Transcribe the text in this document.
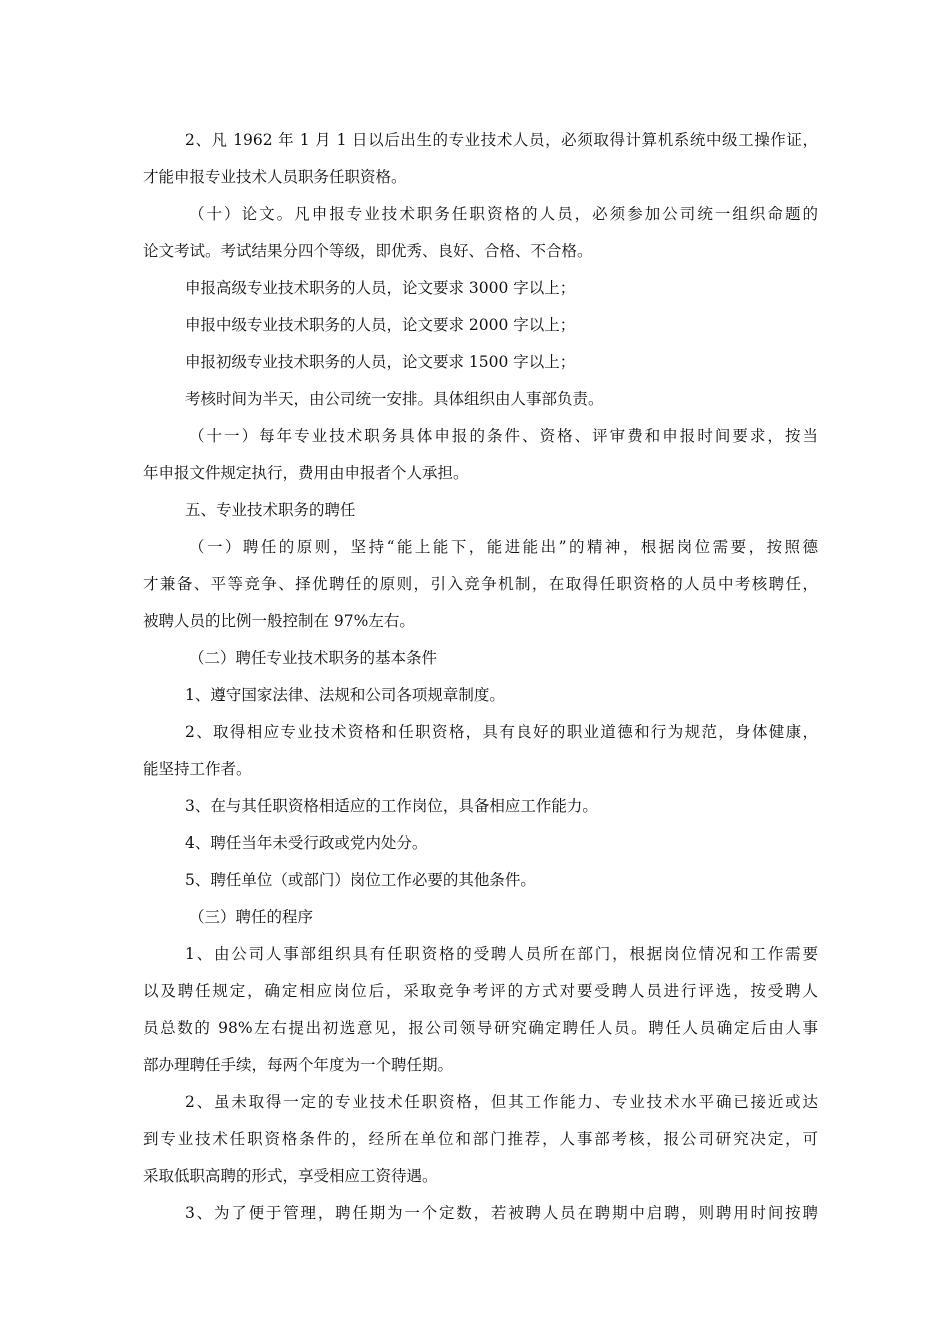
2、凡 1962 年 1 月 1 日以后出生的专业技术人员，必须取得计算机系统中级工操作证，
才能申报专业技术人员职务任职资格。
（十）论文。凡申报专业技术职务任职资格的人员，必须参加公司统一组织命题的
论文考试。考试结果分四个等级，即优秀、良好、合格、不合格。
申报高级专业技术职务的人员，论文要求 3000 字以上；
申报中级专业技术职务的人员，论文要求 2000 字以上；
申报初级专业技术职务的人员，论文要求 1500 字以上；
考核时间为半天，由公司统一安排。具体组织由人事部负责。
（十一）每年专业技术职务具体申报的条件、资格、评审费和申报时间要求，按当
年申报文件规定执行，费用由申报者个人承担。
五、专业技术职务的聘任
（一）聘任的原则，坚持“能上能下，能进能出”的精神，根据岗位需要，按照德
才兼备、平等竞争、择优聘任的原则，引入竞争机制，在取得任职资格的人员中考核聘任，
被聘人员的比例一般控制在 97%左右。
（二）聘任专业技术职务的基本条件
1、遵守国家法律、法规和公司各项规章制度。
2、取得相应专业技术资格和任职资格，具有良好的职业道德和行为规范，身体健康，
能坚持工作者。
3、在与其任职资格相适应的工作岗位，具备相应工作能力。
4、聘任当年未受行政或党内处分。
5、聘任单位（或部门）岗位工作必要的其他条件。
（三）聘任的程序
1、由公司人事部组织具有任职资格的受聘人员所在部门，根据岗位情况和工作需要
以及聘任规定，确定相应岗位后，采取竞争考评的方式对要受聘人员进行评选，按受聘人
员总数的 98%左右提出初选意见，报公司领导研究确定聘任人员。聘任人员确定后由人事
部办理聘任手续，每两个年度为一个聘任期。
2、虽未取得一定的专业技术任职资格，但其工作能力、专业技术水平确已接近或达
到专业技术任职资格条件的，经所在单位和部门推荐，人事部考核，报公司研究决定，可
采取低职高聘的形式，享受相应工资待遇。
3、为了便于管理，聘任期为一个定数，若被聘人员在聘期中启聘，则聘用时间按聘
